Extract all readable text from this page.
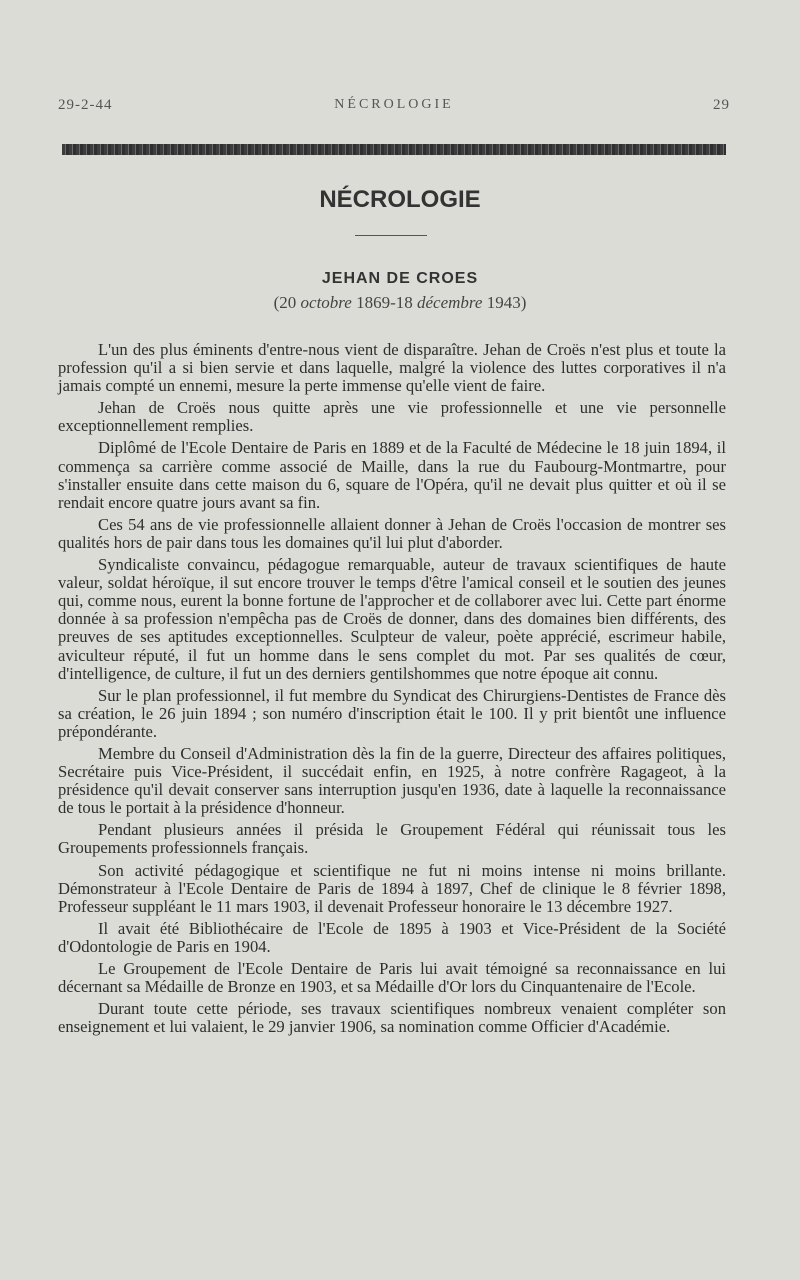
29-2-44	NÉCROLOGIE	29
NÉCROLOGIE
JEHAN DE CROES
(20 octobre 1869-18 décembre 1943)

L'un des plus éminents d'entre-nous vient de disparaître. Jehan de Croës n'est plus et toute la profession qu'il a si bien servie et dans laquelle, malgré la violence des luttes corporatives il n'a jamais compté un ennemi, mesure la perte immense qu'elle vient de faire.

Jehan de Croës nous quitte après une vie professionnelle et une vie personnelle exceptionnellement remplies.

Diplômé de l'Ecole Dentaire de Paris en 1889 et de la Faculté de Médecine le 18 juin 1894, il commença sa carrière comme associé de Maille, dans la rue du Faubourg-Montmartre, pour s'installer ensuite dans cette maison du 6, square de l'Opéra, qu'il ne devait plus quitter et où il se rendait encore quatre jours avant sa fin.

Ces 54 ans de vie professionnelle allaient donner à Jehan de Croës l'occasion de montrer ses qualités hors de pair dans tous les domaines qu'il lui plut d'aborder.

Syndicaliste convaincu, pédagogue remarquable, auteur de travaux scientifiques de haute valeur, soldat héroïque, il sut encore trouver le temps d'être l'amical conseil et le soutien des jeunes qui, comme nous, eurent la bonne fortune de l'approcher et de collaborer avec lui. Cette part énorme donnée à sa profession n'empêcha pas de Croës de donner, dans des domaines bien différents, des preuves de ses aptitudes exceptionnelles. Sculpteur de valeur, poète apprécié, escrimeur habile, aviculteur réputé, il fut un homme dans le sens complet du mot. Par ses qualités de cœur, d'intelligence, de culture, il fut un des derniers gentilshommes que notre époque ait connu.

Sur le plan professionnel, il fut membre du Syndicat des Chirurgiens-Dentistes de France dès sa création, le 26 juin 1894 ; son numéro d'inscription était le 100. Il y prit bientôt une influence prépondérante.

Membre du Conseil d'Administration dès la fin de la guerre, Directeur des affaires politiques, Secrétaire puis Vice-Président, il succédait enfin, en 1925, à notre confrère Ragageot, à la présidence qu'il devait conserver sans interruption jusqu'en 1936, date à laquelle la reconnaissance de tous le portait à la présidence d'honneur.

Pendant plusieurs années il présida le Groupement Fédéral qui réunissait tous les Groupements professionnels français.

Son activité pédagogique et scientifique ne fut ni moins intense ni moins brillante. Démonstrateur à l'Ecole Dentaire de Paris de 1894 à 1897, Chef de clinique le 8 février 1898, Professeur suppléant le 11 mars 1903, il devenait Professeur honoraire le 13 décembre 1927.

Il avait été Bibliothécaire de l'Ecole de 1895 à 1903 et Vice-Président de la Société d'Odontologie de Paris en 1904.

Le Groupement de l'Ecole Dentaire de Paris lui avait témoigné sa reconnaissance en lui décernant sa Médaille de Bronze en 1903, et sa Médaille d'Or lors du Cinquantenaire de l'Ecole.

Durant toute cette période, ses travaux scientifiques nombreux venaient compléter son enseignement et lui valaient, le 29 janvier 1906, sa nomination comme Officier d'Académie.
